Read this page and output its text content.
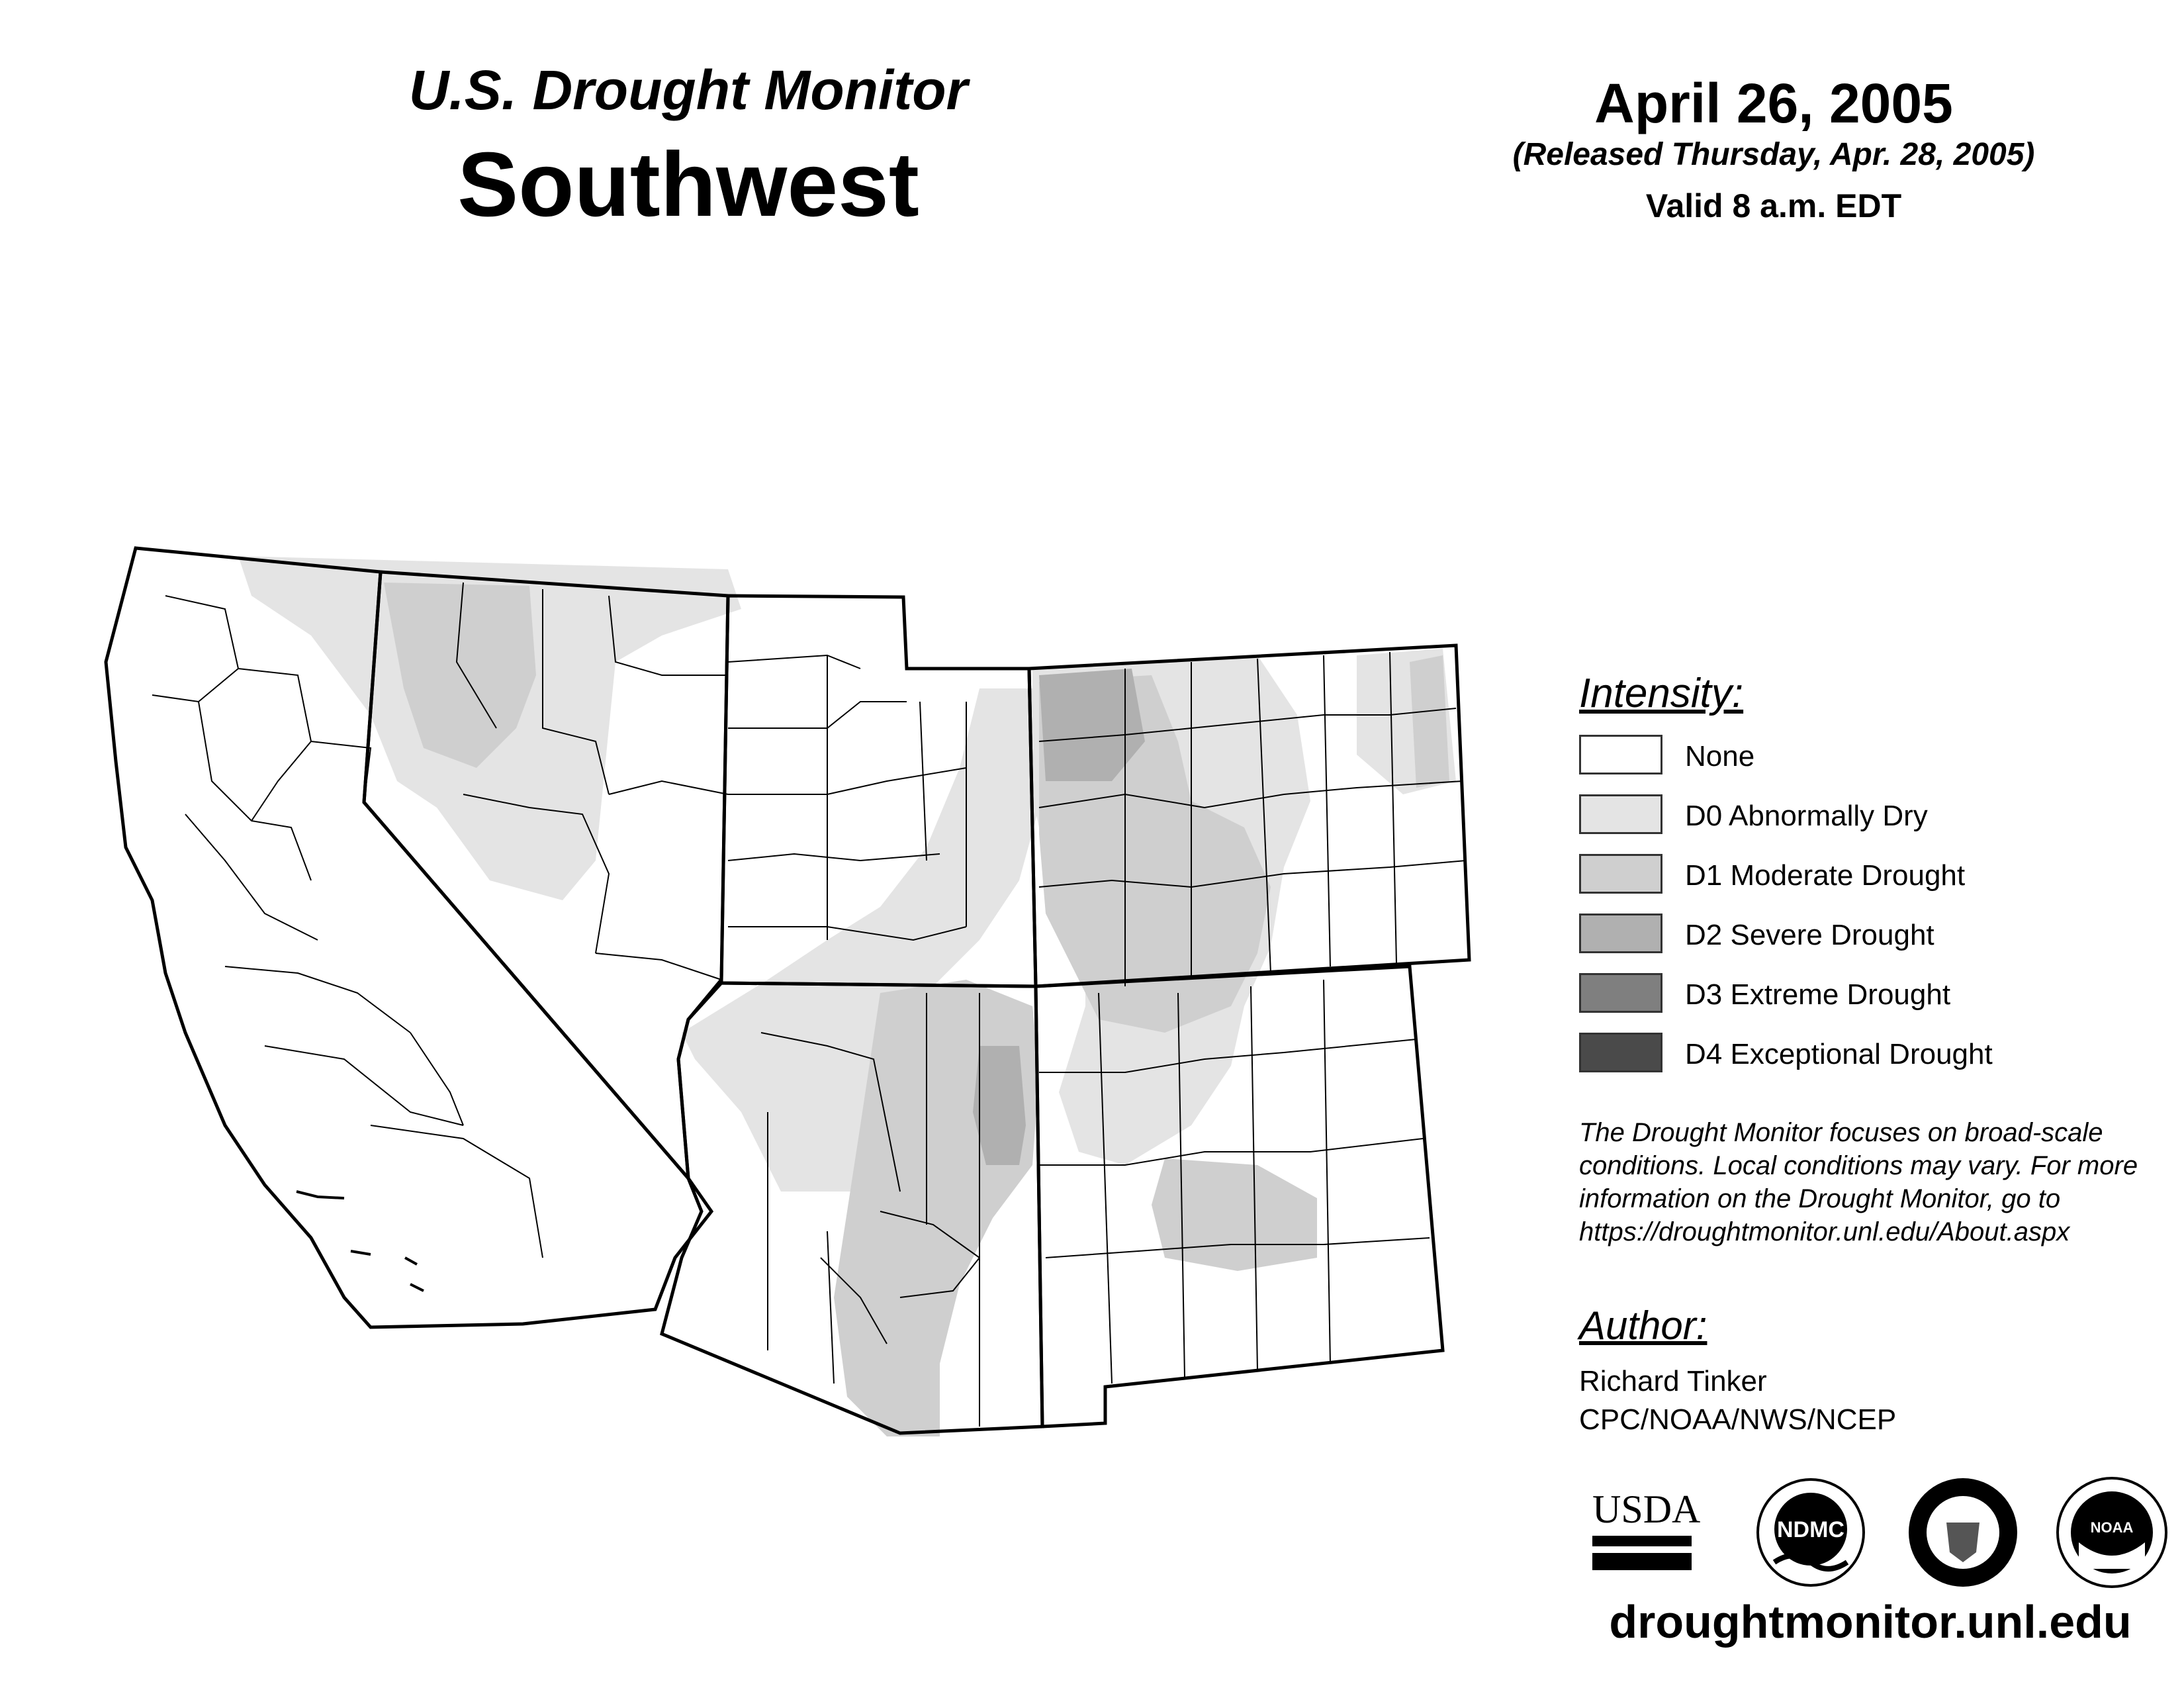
U.S. Drought Monitor
Southwest
April 26, 2005
(Released Thursday, Apr. 28, 2005)
Valid 8 a.m. EDT
Intensity:
None
D0 Abnormally Dry
D1 Moderate Drought
D2 Severe Drought
D3 Extreme Drought
D4 Exceptional Drought
The Drought Monitor focuses on broad-scale conditions. Local conditions may vary. For more information on the Drought Monitor, go to https://droughtmonitor.unl.edu/About.aspx
Author:
Richard Tinker
CPC/NOAA/NWS/NCEP
USDA	NDMC	NOAA
droughtmonitor.unl.edu
